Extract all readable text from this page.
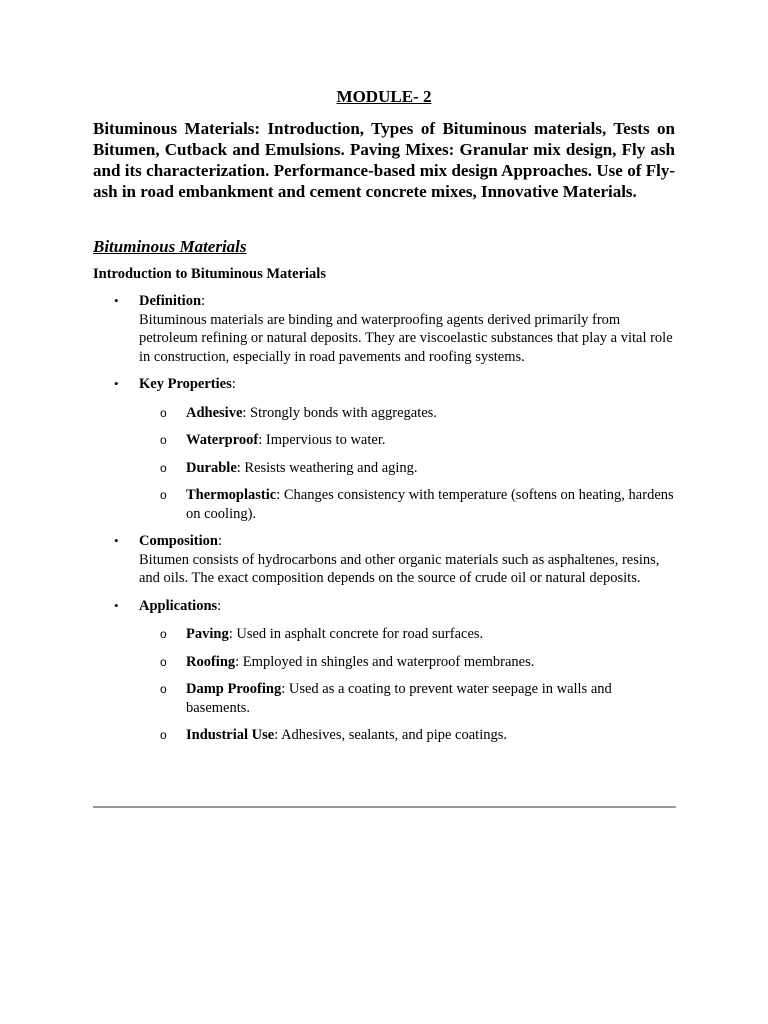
MODULE- 2

Bituminous Materials: Introduction, Types of Bituminous materials, Tests on Bitumen, Cutback and Emulsions. Paving Mixes: Granular mix design, Fly ash and its characterization. Performance-based mix design Approaches. Use of Fly-ash in road embankment and cement concrete mixes, Innovative Materials.

Bituminous Materials
Introduction to Bituminous Materials
• Definition:
Bituminous materials are binding and waterproofing agents derived primarily from petroleum refining or natural deposits. They are viscoelastic substances that play a vital role in construction, especially in road pavements and roofing systems.
• Key Properties:
o Adhesive: Strongly bonds with aggregates.
o Waterproof: Impervious to water.
o Durable: Resists weathering and aging.
o Thermoplastic: Changes consistency with temperature (softens on heating, hardens on cooling).
• Composition:
Bitumen consists of hydrocarbons and other organic materials such as asphaltenes, resins, and oils. The exact composition depends on the source of crude oil or natural deposits.
• Applications:
o Paving: Used in asphalt concrete for road surfaces.
o Roofing: Employed in shingles and waterproof membranes.
o Damp Proofing: Used as a coating to prevent water seepage in walls and basements.
o Industrial Use: Adhesives, sealants, and pipe coatings.
